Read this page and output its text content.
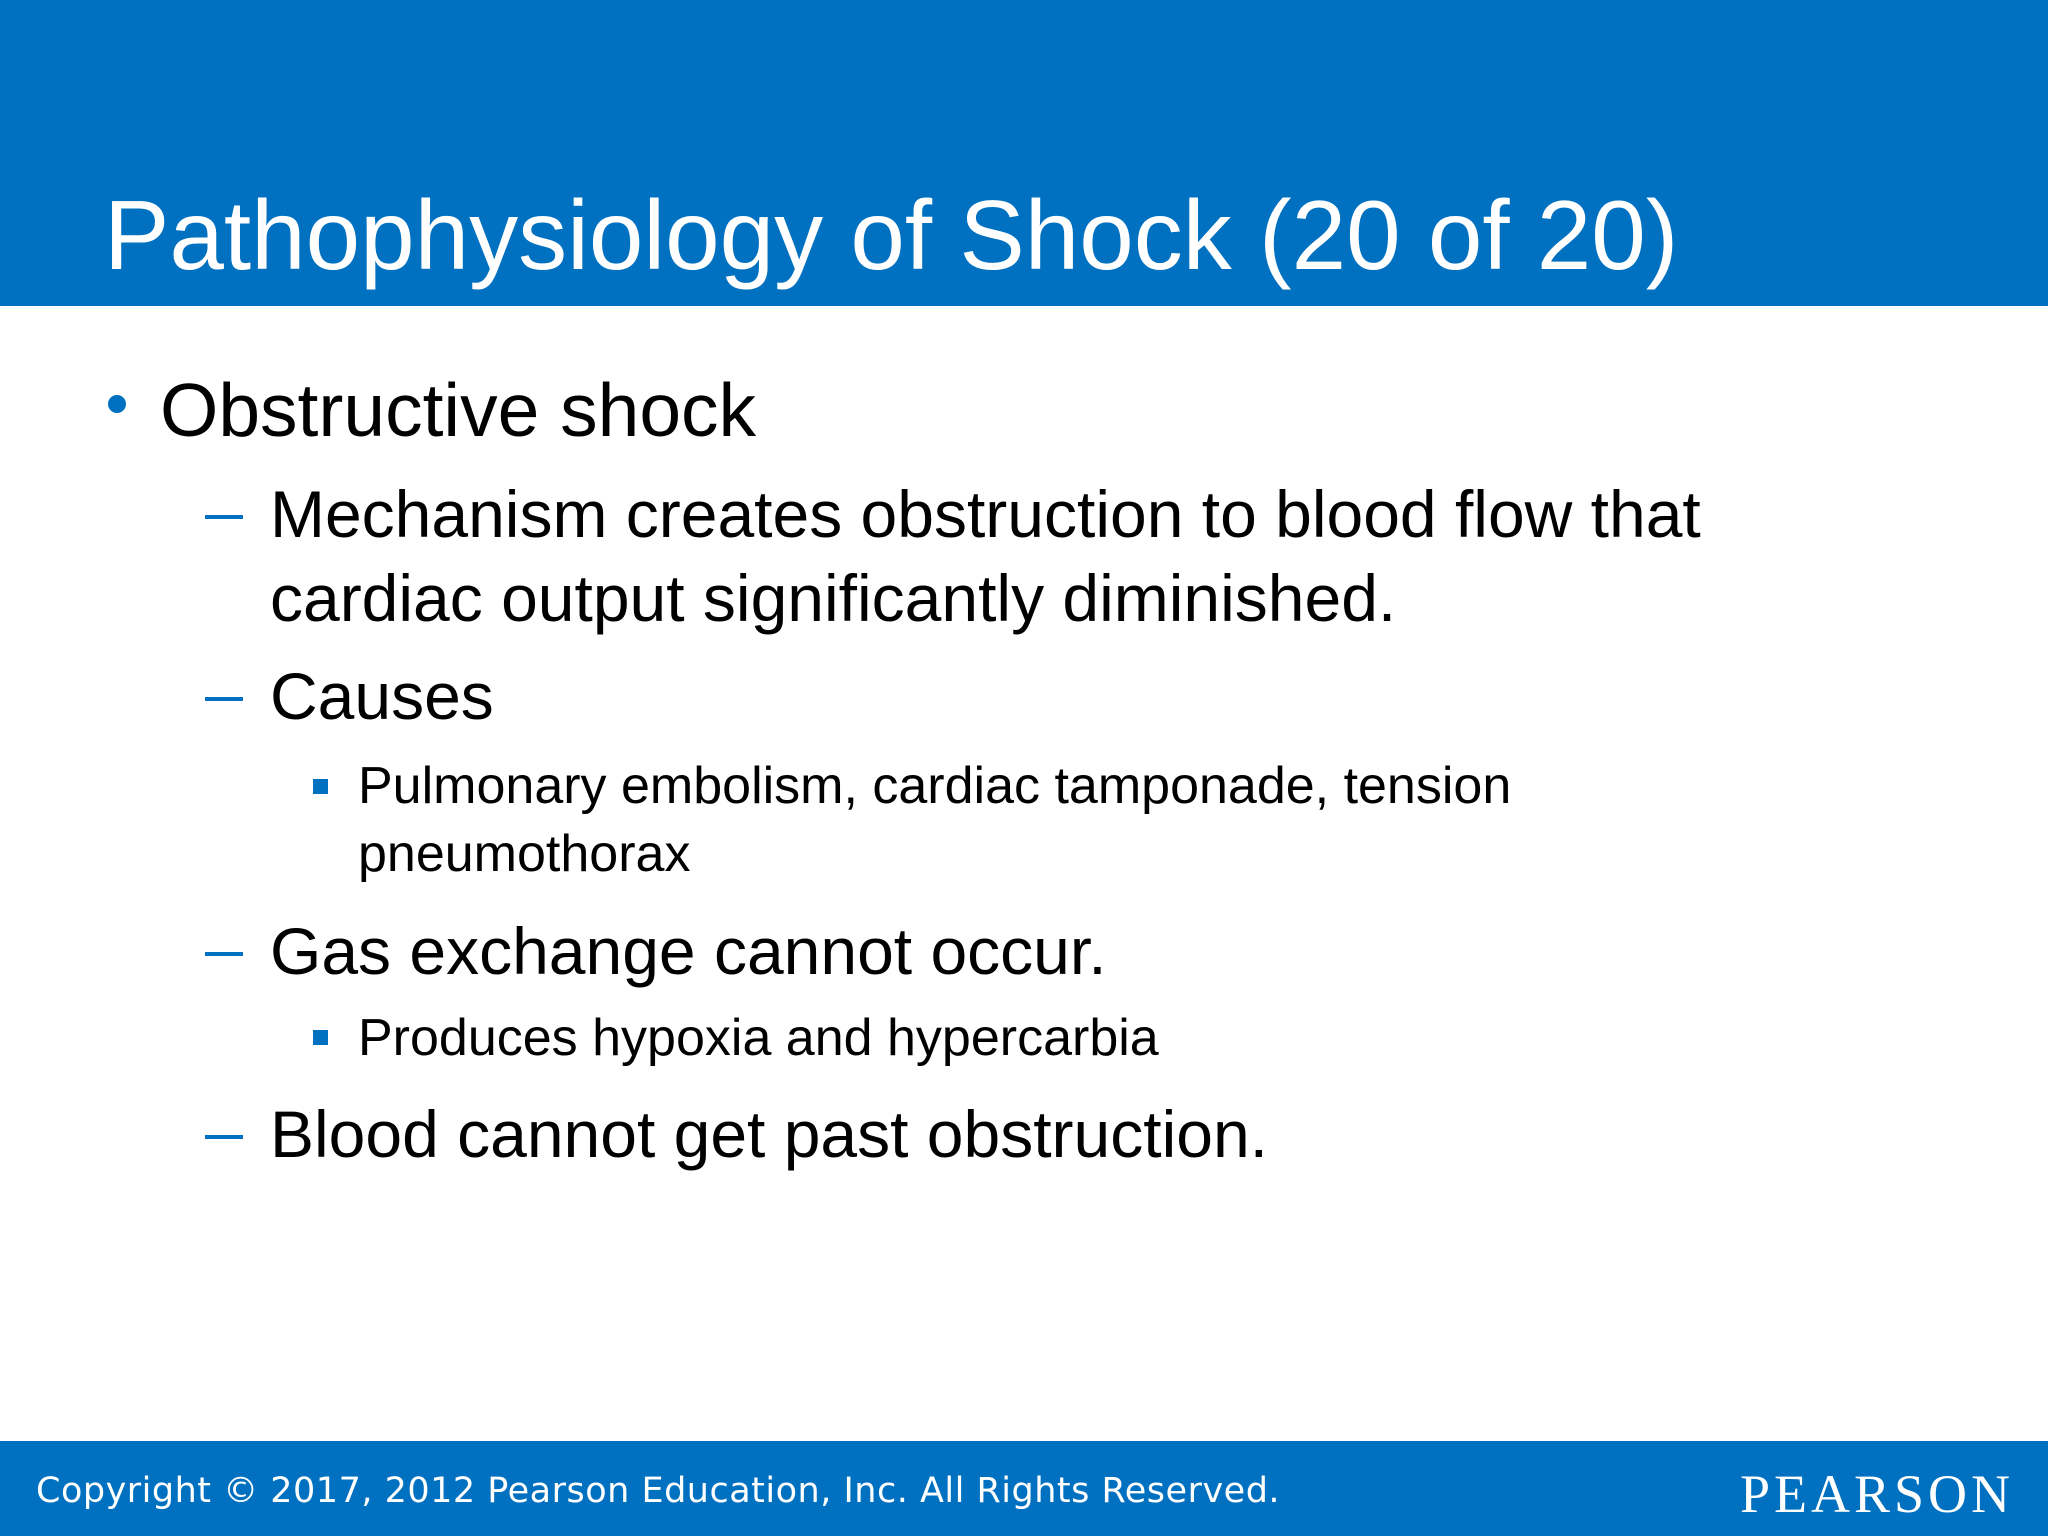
Pathophysiology of Shock (20 of 20)
Obstructive shock
Mechanism creates obstruction to blood flow that
cardiac output significantly diminished.
Causes
Pulmonary embolism, cardiac tamponade, tension
pneumothorax
Gas exchange cannot occur.
Produces hypoxia and hypercarbia
Blood cannot get past obstruction.
Copyright © 2017, 2012 Pearson Education, Inc. All Rights Reserved.	PEARSON
